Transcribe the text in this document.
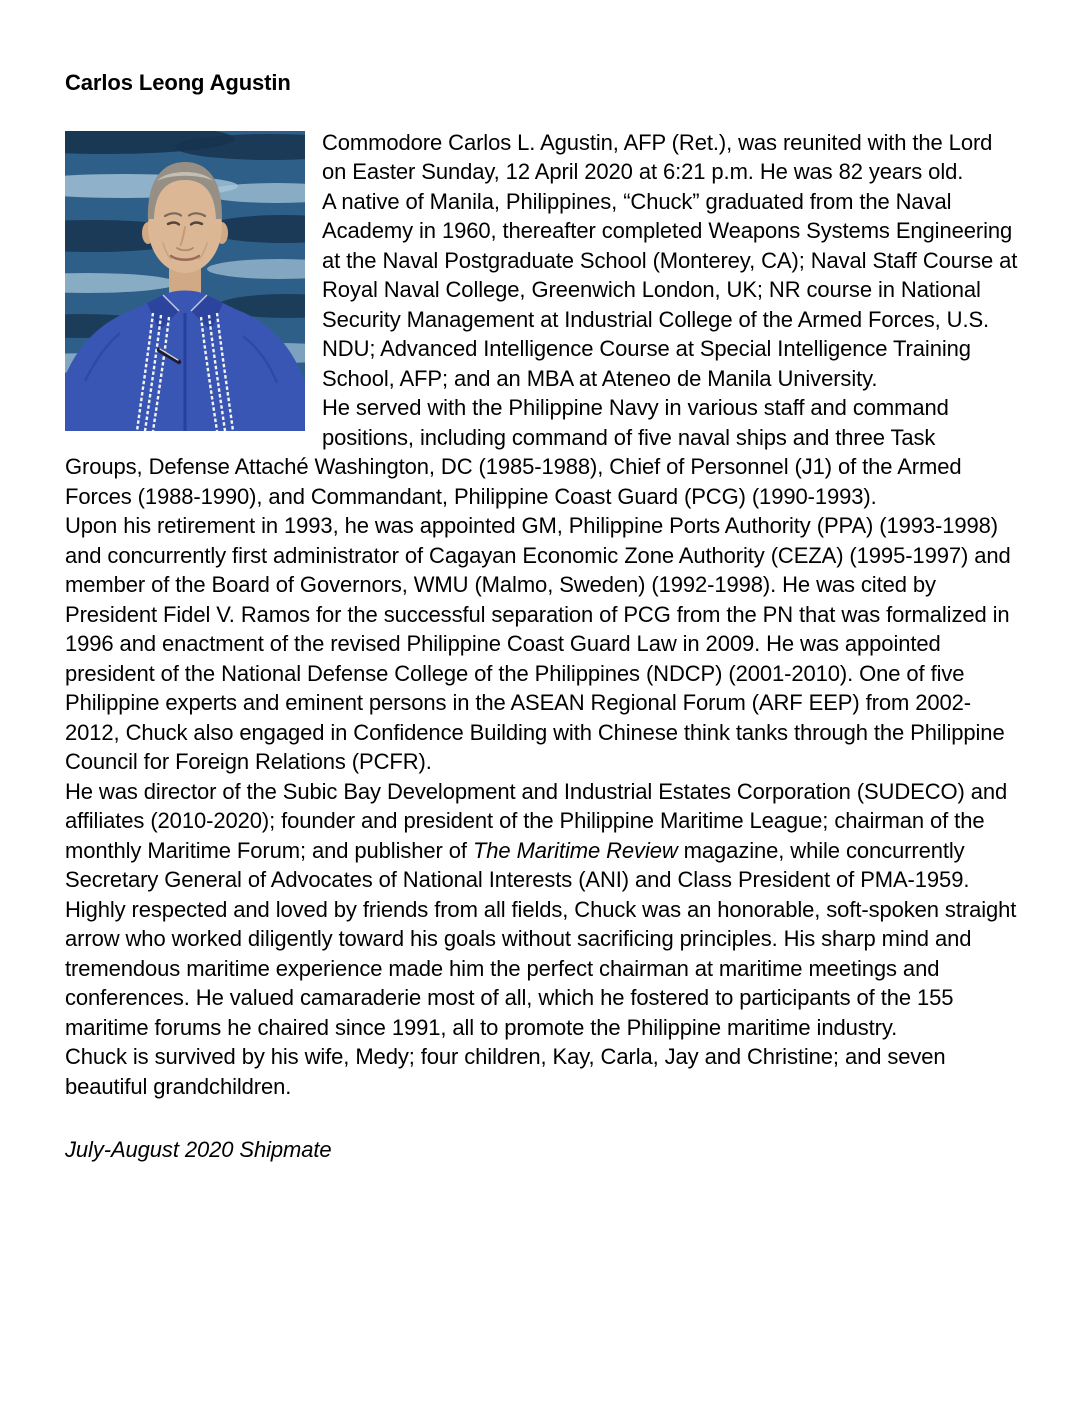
Carlos Leong Agustin

Commodore Carlos L. Agustin, AFP (Ret.), was reunited with the Lord on Easter Sunday, 12 April 2020 at 6:21 p.m. He was 82 years old.

A native of Manila, Philippines, “Chuck” graduated from the Naval Academy in 1960, thereafter completed Weapons Systems Engineering at the Naval Postgraduate School (Monterey, CA); Naval Staff Course at Royal Naval College, Greenwich London, UK; NR course in National Security Management at Industrial College of the Armed Forces, U.S. NDU; Advanced Intelligence Course at Special Intelligence Training School, AFP; and an MBA at Ateneo de Manila University.

He served with the Philippine Navy in various staff and command positions, including command of five naval ships and three Task Groups, Defense Attaché Washington, DC (1985-1988), Chief of Personnel (J1) of the Armed Forces (1988-1990), and Commandant, Philippine Coast Guard (PCG) (1990-1993).

Upon his retirement in 1993, he was appointed GM, Philippine Ports Authority (PPA) (1993-1998) and concurrently first administrator of Cagayan Economic Zone Authority (CEZA) (1995-1997) and member of the Board of Governors, WMU (Malmo, Sweden) (1992-1998). He was cited by President Fidel V. Ramos for the successful separation of PCG from the PN that was formalized in 1996 and enactment of the revised Philippine Coast Guard Law in 2009. He was appointed president of the National Defense College of the Philippines (NDCP) (2001-2010). One of five Philippine experts and eminent persons in the ASEAN Regional Forum (ARF EEP) from 2002-2012, Chuck also engaged in Confidence Building with Chinese think tanks through the Philippine Council for Foreign Relations (PCFR).

He was director of the Subic Bay Development and Industrial Estates Corporation (SUDECO) and affiliates (2010-2020); founder and president of the Philippine Maritime League; chairman of the monthly Maritime Forum; and publisher of The Maritime Review magazine, while concurrently Secretary General of Advocates of National Interests (ANI) and Class President of PMA-1959.

Highly respected and loved by friends from all fields, Chuck was an honorable, soft-spoken straight arrow who worked diligently toward his goals without sacrificing principles. His sharp mind and tremendous maritime experience made him the perfect chairman at maritime meetings and conferences. He valued camaraderie most of all, which he fostered to participants of the 155 maritime forums he chaired since 1991, all to promote the Philippine maritime industry.

Chuck is survived by his wife, Medy; four children, Kay, Carla, Jay and Christine; and seven beautiful grandchildren.

July-August 2020 Shipmate
